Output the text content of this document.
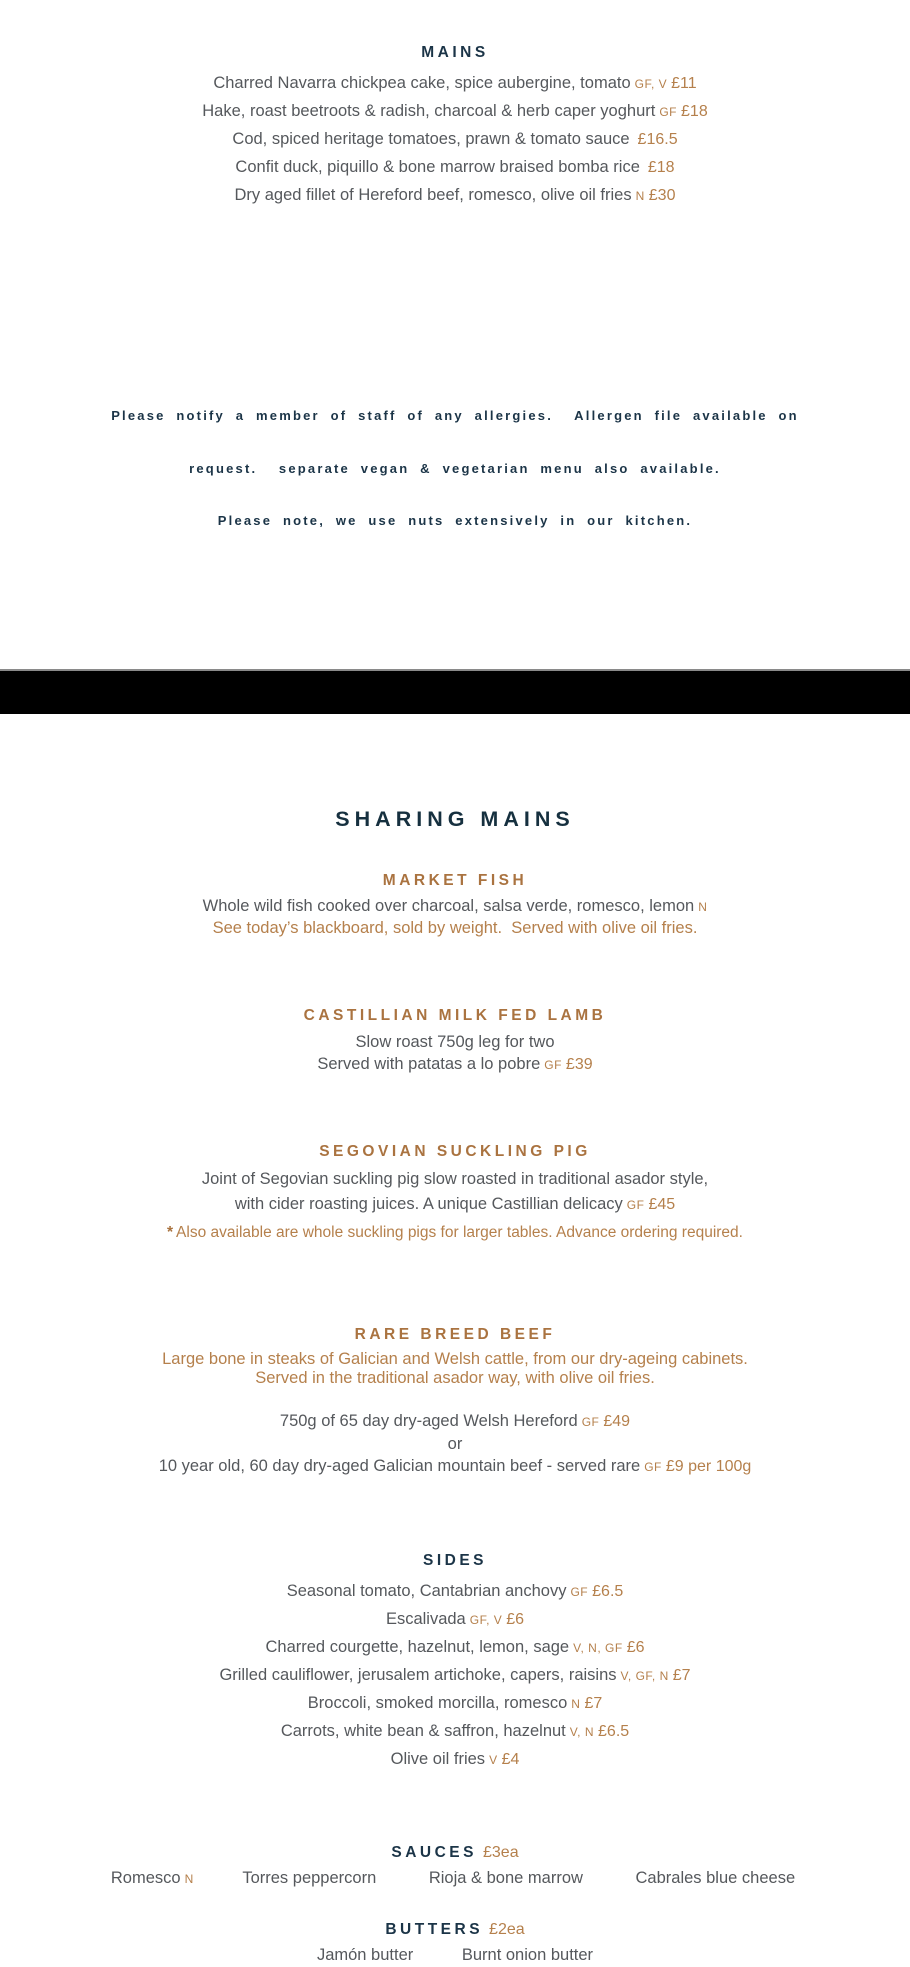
MAINS

Charred Navarra chickpea cake, spice aubergine, tomato GF, V £11

Hake, roast beetroots & radish, charcoal & herb caper yoghurt GF £18

Cod, spiced heritage tomatoes, prawn & tomato sauce £16.5

Confit duck, piquillo & bone marrow braised bomba rice £18

Dry aged fillet of Hereford beef, romesco, olive oil fries N £30

Please notify a member of staff of any allergies.  Allergen file available on

request.  separate vegan & vegetarian menu also available.

Please note, we use nuts extensively in our kitchen.

SHARING MAINS
MARKET FISH

Whole wild fish cooked over charcoal, salsa verde, romesco, lemon N

See today’s blackboard, sold by weight.  Served with olive oil fries.

CASTILLIAN MILK FED LAMB

Slow roast 750g leg for two

Served with patatas a lo pobre GF £39

SEGOVIAN SUCKLING PIG

Joint of Segovian suckling pig slow roasted in traditional asador style,

with cider roasting juices. A unique Castillian delicacy GF £45

* Also available are whole suckling pigs for larger tables. Advance ordering required.

RARE BREED BEEF

Large bone in steaks of Galician and Welsh cattle, from our dry-ageing cabinets.

Served in the traditional asador way, with olive oil fries.

750g of 65 day dry-aged Welsh Hereford GF £49

or

10 year old, 60 day dry-aged Galician mountain beef - served rare GF £9 per 100g

SIDES

Seasonal tomato, Cantabrian anchovy GF £6.5

Escalivada GF, V £6

Charred courgette, hazelnut, lemon, sage V, N, GF £6

Grilled cauliflower, jerusalem artichoke, capers, raisins V, GF, N £7

Broccoli, smoked morcilla, romesco N £7

Carrots, white bean & saffron, hazelnut V, N £6.5

Olive oil fries V £4

SAUCES £3ea
Romesco N	Torres peppercorn	Rioja & bone marrow	Cabrales blue cheese
BUTTERS £2ea
Jamón butter	Burnt onion butter
